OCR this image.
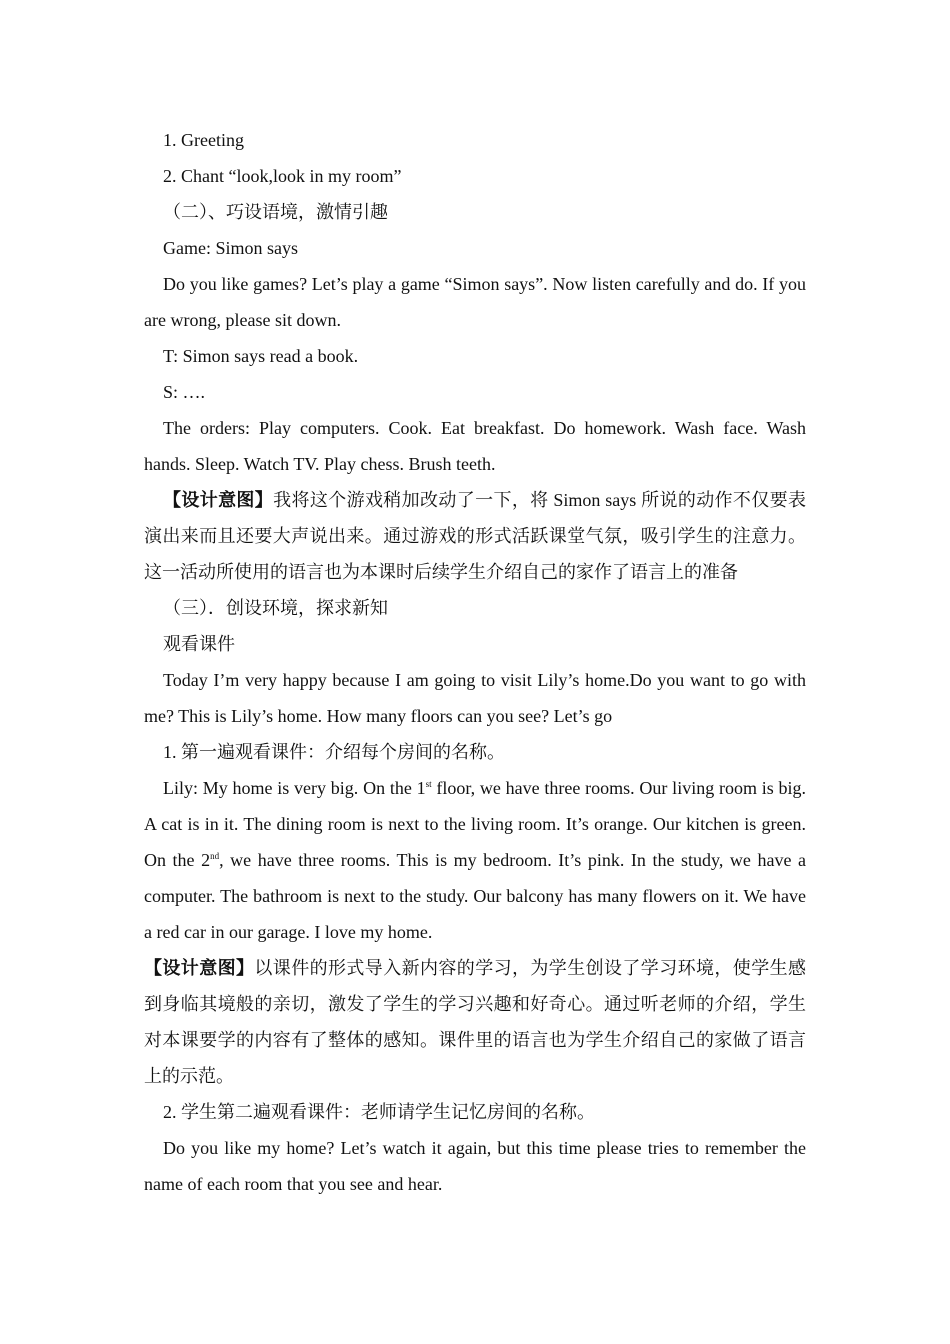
1. Greeting

2. Chant “look,look in my room”

（二）、巧设语境，激情引趣

Game: Simon says

Do you like games? Let’s play a game “Simon says”. Now listen carefully and do. If you are wrong, please sit down.

T: Simon says read a book.

S: ….

The orders: Play computers. Cook. Eat breakfast. Do homework. Wash face. Wash hands. Sleep. Watch TV. Play chess. Brush teeth.

【设计意图】我将这个游戏稍加改动了一下，将 Simon says 所说的动作不仅要表演出来而且还要大声说出来。通过游戏的形式活跃课堂气氛，吸引学生的注意力。这一活动所使用的语言也为本课时后续学生介绍自己的家作了语言上的准备

（三）．创设环境，探求新知

观看课件

Today I’m very happy because I am going to visit Lily’s home.Do you want to go with me? This is Lily’s home. How many floors can you see? Let’s go

1. 第一遍观看课件：介绍每个房间的名称。

Lily: My home is very big. On the 1st floor, we have three rooms. Our living room is big. A cat is in it. The dining room is next to the living room. It’s orange. Our kitchen is green. On the 2nd, we have three rooms. This is my bedroom. It’s pink. In the study, we have a computer. The bathroom is next to the study. Our balcony has many flowers on it. We have a red car in our garage. I love my home.

【设计意图】以课件的形式导入新内容的学习，为学生创设了学习环境，使学生感到身临其境般的亲切，激发了学生的学习兴趣和好奇心。通过听老师的介绍，学生对本课要学的内容有了整体的感知。课件里的语言也为学生介绍自己的家做了语言上的示范。

2. 学生第二遍观看课件：老师请学生记忆房间的名称。

Do you like my home? Let’s watch it again, but this time please tries to remember the name of each room that you see and hear.
